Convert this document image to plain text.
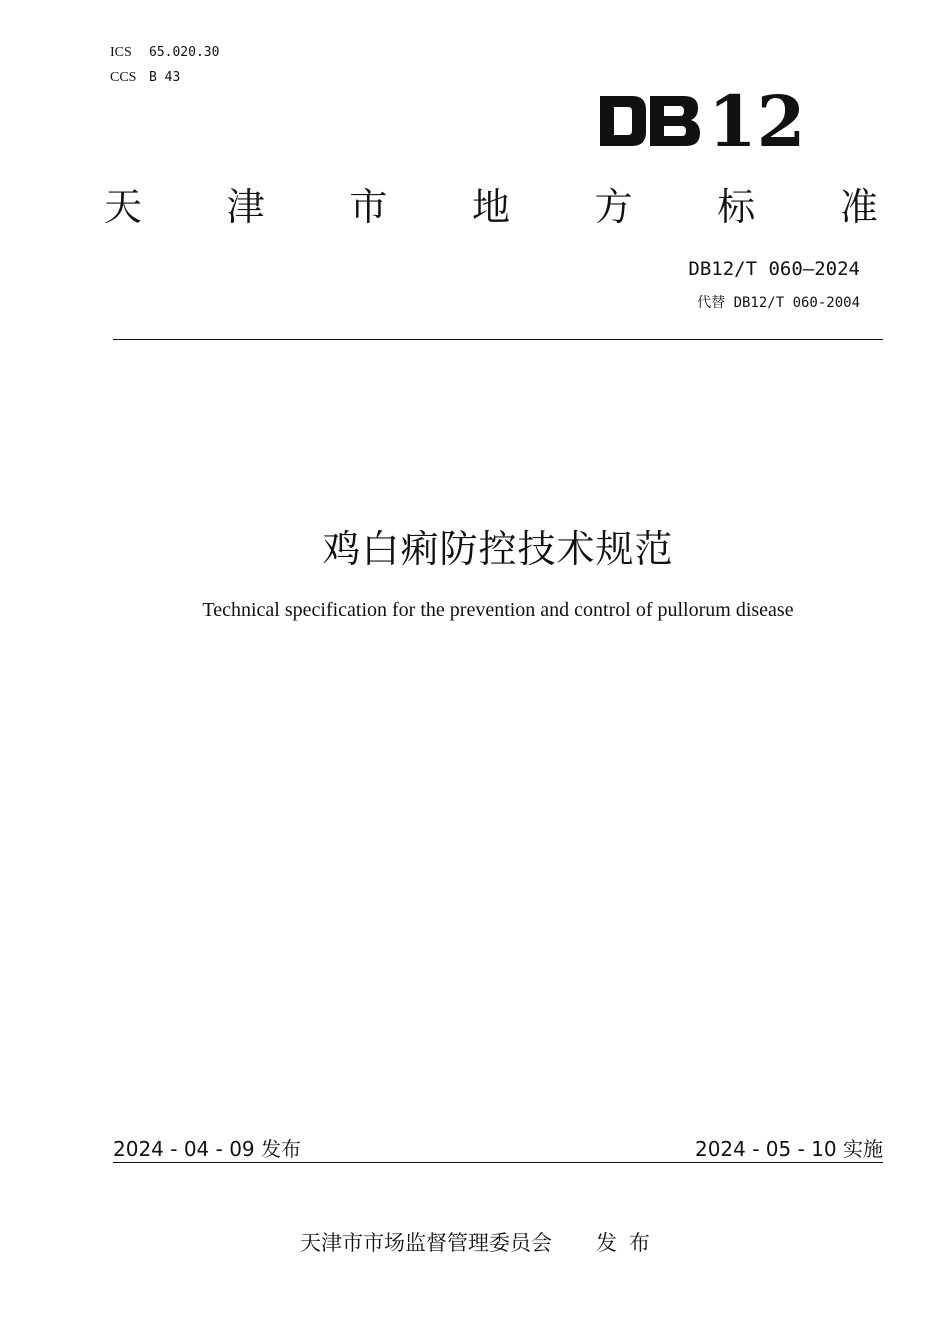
ICS	65.020.30
CCS B 43
12
天 津 市 地 方 标 准
DB12/T 060—2024
代替 DB12/T 060-2004
鸡白痢防控技术规范
Technical specification for the prevention and control of pullorum disease
2024 - 04 - 09 发布	2024 - 05 - 10 实施
天津市市场监督管理委员会 发布
